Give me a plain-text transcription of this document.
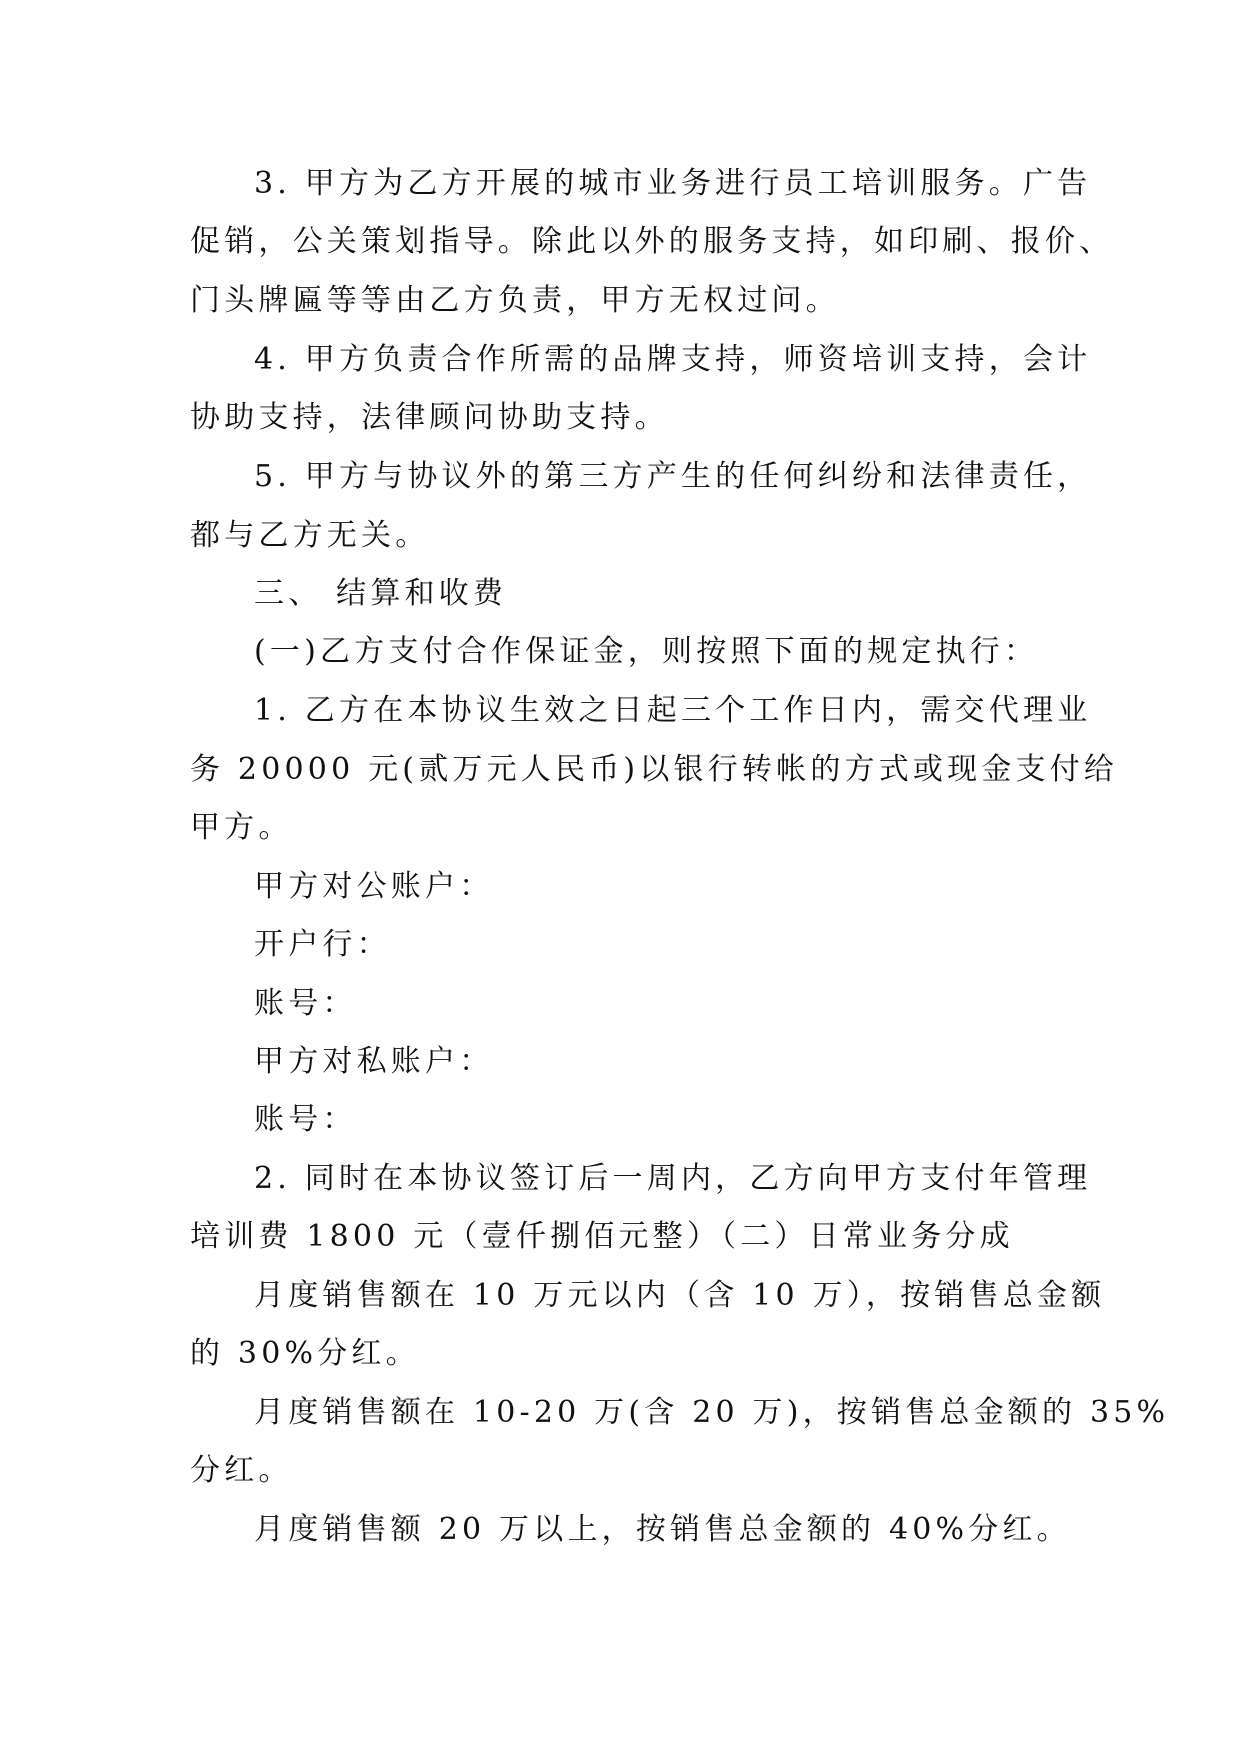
3. 甲方为乙方开展的城市业务进行员工培训服务。广告
促销，公关策划指导。除此以外的服务支持，如印刷、报价、
门头牌匾等等由乙方负责，甲方无权过问。
4. 甲方负责合作所需的品牌支持，师资培训支持，会计
协助支持，法律顾问协助支持。
5. 甲方与协议外的第三方产生的任何纠纷和法律责任，
都与乙方无关。
三、 结算和收费
(一)乙方支付合作保证金，则按照下面的规定执行：
1. 乙方在本协议生效之日起三个工作日内，需交代理业
务 20000 元(贰万元人民币)以银行转帐的方式或现金支付给
甲方。
甲方对公账户：
开户行：
账号：
甲方对私账户：
账号：
2. 同时在本协议签订后一周内，乙方向甲方支付年管理
培训费 1800 元（壹仟捌佰元整）（二）日常业务分成
月度销售额在 10 万元以内（含 10 万），按销售总金额
的 30%分红。
月度销售额在 10-20 万(含 20 万)，按销售总金额的 35%
分红。
月度销售额 20 万以上，按销售总金额的 40%分红。
